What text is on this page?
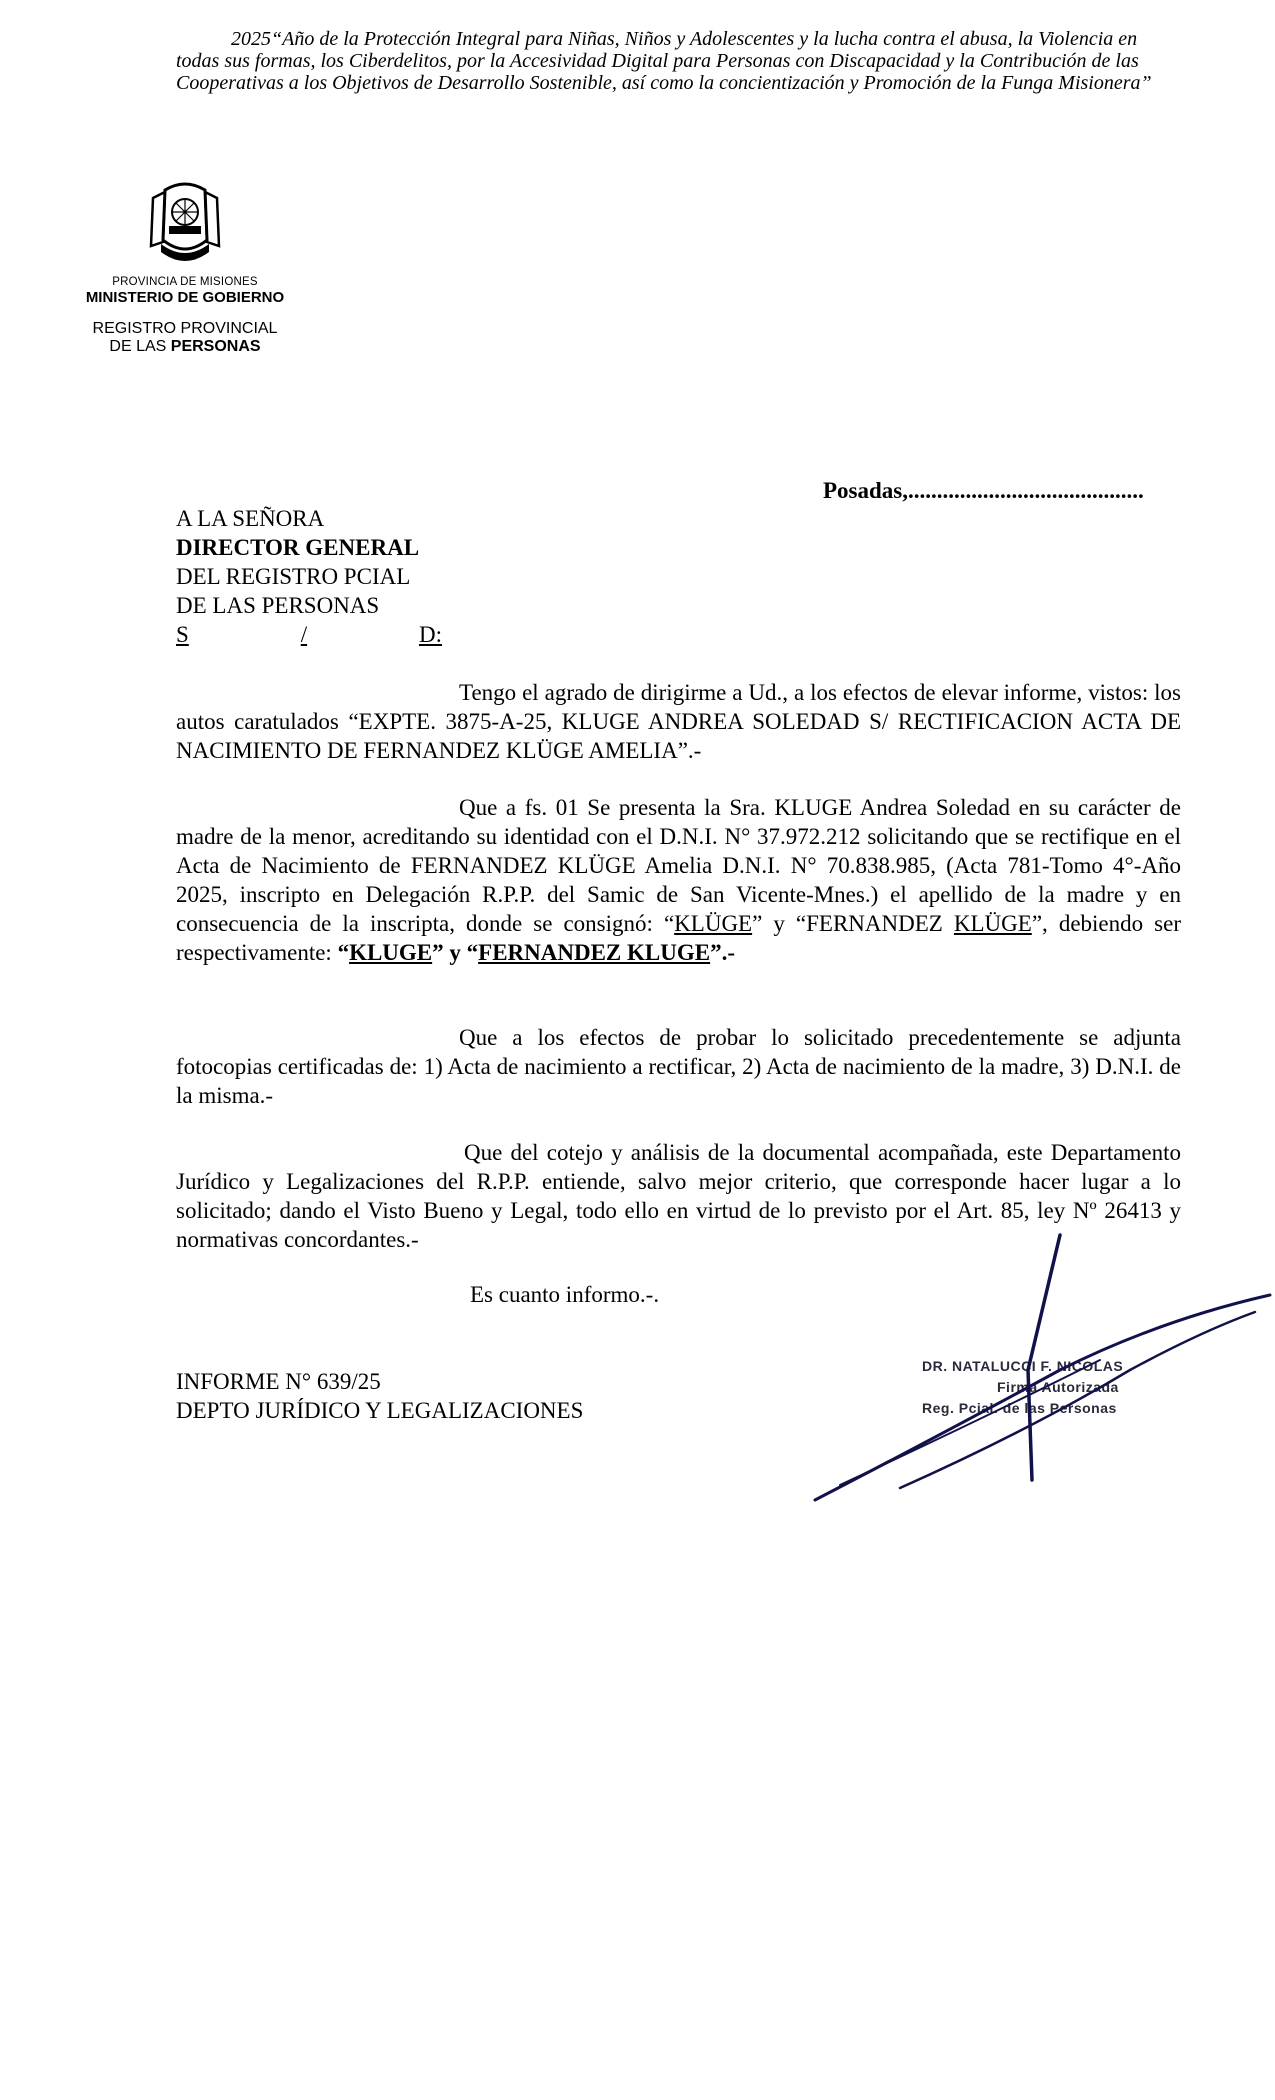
2025“Año de la Protección Integral para Niñas, Niños y Adolescentes y la lucha contra el abusa, la Violencia en todas sus formas, los Ciberdelitos, por la Accesividad Digital para Personas con Discapacidad y la Contribución de las Cooperativas a los Objetivos de Desarrollo Sostenible, así como la concientización y Promoción de la Funga Misionera”
PROVINCIA DE MISIONES
MINISTERIO DE GOBIERNO
REGISTRO PROVINCIAL
DE LAS PERSONAS
Posadas,.........................................
A LA SEÑORA
DIRECTOR GENERAL
DEL REGISTRO PCIAL
DE LAS PERSONAS
S	/	D:
Tengo el agrado de dirigirme a Ud., a los efectos de elevar informe, vistos: los autos caratulados “EXPTE. 3875-A-25, KLUGE ANDREA SOLEDAD S/ RECTIFICACION ACTA DE NACIMIENTO DE FERNANDEZ KLÜGE AMELIA”.-
Que a fs. 01 Se presenta la Sra. KLUGE Andrea Soledad en su carácter de madre de la menor, acreditando su identidad con el D.N.I. N° 37.972.212 solicitando que se rectifique en el Acta de Nacimiento de FERNANDEZ KLÜGE Amelia D.N.I. N° 70.838.985, (Acta 781-Tomo 4°-Año 2025, inscripto en Delegación R.P.P. del Samic de San Vicente-Mnes.) el apellido de la madre y en consecuencia de la inscripta, donde se consignó: “KLÜGE” y “FERNANDEZ KLÜGE”, debiendo ser respectivamente: “KLUGE” y “FERNANDEZ KLUGE”.-
Que a los efectos de probar lo solicitado precedentemente se adjunta fotocopias certificadas de: 1) Acta de nacimiento a rectificar, 2) Acta de nacimiento de la madre, 3) D.N.I. de la misma.-
Que del cotejo y análisis de la documental acompañada, este Departamento Jurídico y Legalizaciones del R.P.P. entiende, salvo mejor criterio, que corresponde hacer lugar a lo solicitado; dando el Visto Bueno y Legal, todo ello en virtud de lo previsto por el Art. 85, ley Nº 26413 y normativas concordantes.-
Es cuanto informo.-.
INFORME N° 639/25
DEPTO JURÍDICO Y LEGALIZACIONES
DR. NATALUCCI F. NICOLAS
Firma Autorizada
Reg. Pcial. de las Personas
